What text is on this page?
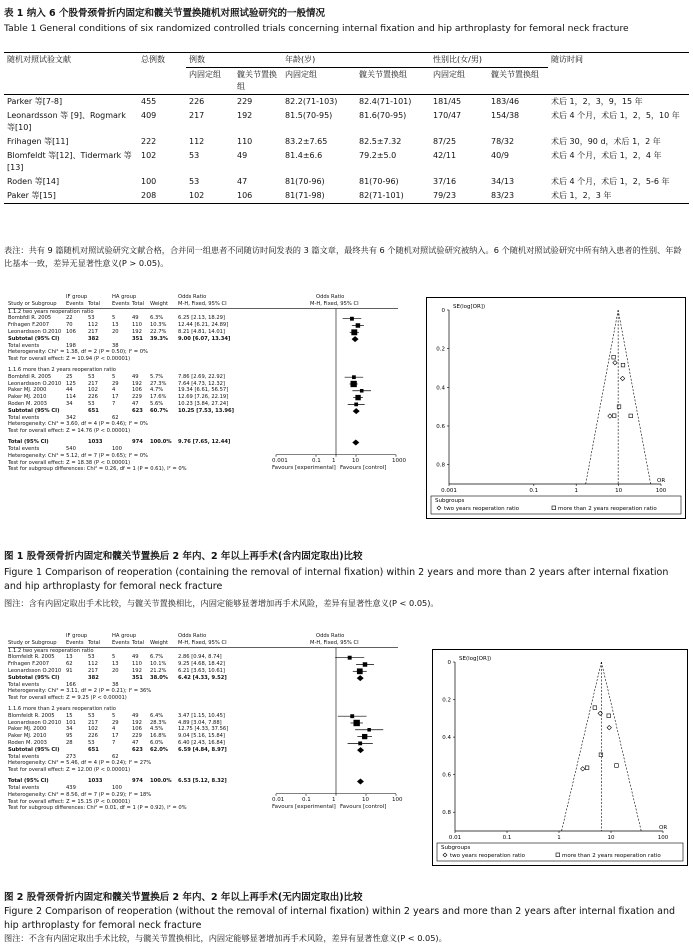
表 1 纳入 6 个股骨颈骨折内固定和髋关节置换随机对照试验研究的一般情况
Table 1 General conditions of six randomized controlled trials concerning internal fixation and hip arthroplasty for femoral neck fracture
随机对照试验文献	总例数	例数		年龄(岁)		性别比(女/男)		随访时间
		内固定组	髋关节置换组	内固定组	髋关节置换组	内固定组	髋关节置换组	
Parker 等[7-8]	455	226	229	82.2(71-103)	82.4(71-101)	181/45	183/46	术后 1，2，3，9，15 年
Leonardsson 等 [9]、Rogmark 等[10]	409	217	192	81.5(70-95)	81.6(70-95)	170/47	154/38	术后 4 个月，术后 1，2，5，10 年
Frihagen 等[11]	222	112	110	83.2±7.65	82.5±7.32	87/25	78/32	术后 30，90 d，术后 1，2 年
Blomfeldt 等[12]、Tidermark 等[13]	102	53	49	81.4±6.6	79.2±5.0	42/11	40/9	术后 4 个月，术后 1，2，4 年
Roden 等[14]	100	53	47	81(70-96)	81(70-96)	37/16	34/13	术后 4 个月，术后 1，2，5-6 年
Paker 等[15]	208	102	106	81(71-98)	82(71-101)	79/23	83/23	术后 1，2，3 年
表注：共有 9 篇随机对照试验研究文献合格，合并同一组患者不同随访时间发表的 3 篇文章，最终共有 6 个随机对照试验研究被纳入。6 个随机对照试验研究中所有纳入患者的性别、年龄比基本一致，差异无显著性意义(P > 0.05)。
IF group	HA group	Odds Ratio	Odds Ratio
Study or Subgroup Events Total Events Total Weight M-H, Fixed, 95% CI	M-H, Fixed, 95% CI
1.1.2 two years reoperation ratio
Bombfdl R. 2005	22	53	5	49 6.3%	6.25 [2.13, 18.29]
Frihagen F.2007	70	112	13	110 10.3% 12.44 [6.21, 24.89]
Leonardsson O.2010 106 217	20	192 22.7% 8.21 [4.81, 14.01]
Subtotal (95% CI)	382	351 39.3% 9.00 [6.07, 13.34]
Total events	198	38
Heterogeneity: Chi² = 1.38, df = 2 (P = 0.50); I² = 0%
Test for overall effect: Z = 10.94 (P < 0.00001)
1.1.6 more than 2 years reoperation ratio
Bombfdl R. 2005	25	53	5	49 5.7%	7.86 [2.69, 22.92]
Leonardsson O.2010 125 217	29	192 27.3% 7.64 [4.73, 12.32]
Paker MJ. 2000	44	102	4	106 4.7%	19.34 [6.61, 56.57]
Paker MJ. 2010	114 226	17	229 17.6% 12.69 [7.26, 22.19]
Roden M. 2003	34	53	7	47 5.6%	10.23 [3.84, 27.24]
Subtotal (95% CI)	651	623 60.7% 10.25 [7.53, 13.96]
Total events	342	62
Heterogeneity: Chi² = 3.60, df = 4 (P = 0.46); I² = 0%
Test for overall effect: Z = 14.76 (P < 0.00001)
Total (95% CI)	1033	974 100.0% 9.76 [7.65, 12.44]
Total events	540	100
Heterogeneity: Chi² = 5.12, df = 7 (P = 0.65); I² = 0%
Test for overall effect: Z = 18.38 (P < 0.00001)
Test for subgroup differences: Chi² = 0.26, df = 1 (P = 0.61), I² = 0%
0.001	0.1 1	10	1000
Favours [experimental] Favours [control]
0
0.2
0.4
0.6
0.8
0.001	0.1	1	10	100
SE(log[OR])
OR
Subgroups
two years reoperation ratio	more than 2 years reoperation ratio
图 1 股骨颈骨折内固定和髋关节置换后 2 年内、2 年以上再手术(含内固定取出)比较
Figure 1 Comparison of reoperation (containing the removal of internal fixation) within 2 years and more than 2 years after internal fixation
and hip arthroplasty for femoral neck fracture
图注：含有内固定取出手术比较，与髋关节置换相比，内固定能够显著增加再手术风险，差异有显著性意义(P < 0.05)。
IF group	HA group	Odds Ratio	Odds Ratio
Study or Subgroup Events Total Events Total Weight M-H, Fixed, 95% CI	M-H, Fixed, 95% CI
1.1.2 two years reoperation ratio
Blomfeldt R. 2005 13	53	5	49 6.7%	2.86 [0.94, 8.74]
Frihagen F.2007	62	112	13	110 10.1% 9.25 [4.68, 18.42]
Leonardsson O.2010 91	217	20	192 21.2% 6.21 [3.63, 10.61]
Subtotal (95% CI)	382	351 38.0% 6.42 [4.33, 9.52]
Total events	166	38
Heterogeneity: Chi² = 3.11, df = 2 (P = 0.21); I² = 36%
Test for overall effect: Z = 9.25 (P < 0.00001)
1.1.6 more than 2 years reoperation ratio
Blomfeldt R. 2005 15	53	5	49 6.4%	3.47 [1.15, 10.45]
Leonardsson O.2010 101 217	29	192 28.3% 4.89 [3.04, 7.88]
Paker MJ. 2000	34	102	4	106 4.5%	12.75 [4.33, 37.56]
Paker MJ. 2010	95	226	17	229 16.8% 9.04 [5.16, 15.84]
Roden M. 2003	28	53	7	47 6.0%	6.40 [2.43, 16.84]
Subtotal (95% CI)	651	623 62.0% 6.59 [4.84, 8.97]
Total events	273	62
Heterogeneity: Chi² = 5.46, df = 4 (P = 0.24); I² = 27%
Test for overall effect: Z = 12.00 (P < 0.00001)
Total (95% CI)	1033	974 100.0% 6.53 [5.12, 8.32]
Total events	439	100
Heterogeneity: Chi² = 8.56, df = 7 (P = 0.29); I² = 18%
Test for overall effect: Z = 15.15 (P < 0.00001)
Test for subgroup differences: Chi² = 0.01, df = 1 (P = 0.92), I² = 0%
0.01	0.1	1	10	100
Favours [experimental] Favours [control]
0
0.2
0.4
0.6
0.8
0.01	0.1	1	10	100
SE(log[OR])
OR
Subgroups
two years reoperation ratio	more than 2 years reoperation ratio
图 2 股骨颈骨折内固定和髋关节置换后 2 年内、2 年以上再手术(无内固定取出)比较
Figure 2 Comparison of reoperation (without the removal of internal fixation) within 2 years and more than 2 years after internal fixation and
hip arthroplasty for femoral neck fracture
图注：不含有内固定取出手术比较，与髋关节置换相比，内固定能够显著增加再手术风险，差异有显著性意义(P < 0.05)。
